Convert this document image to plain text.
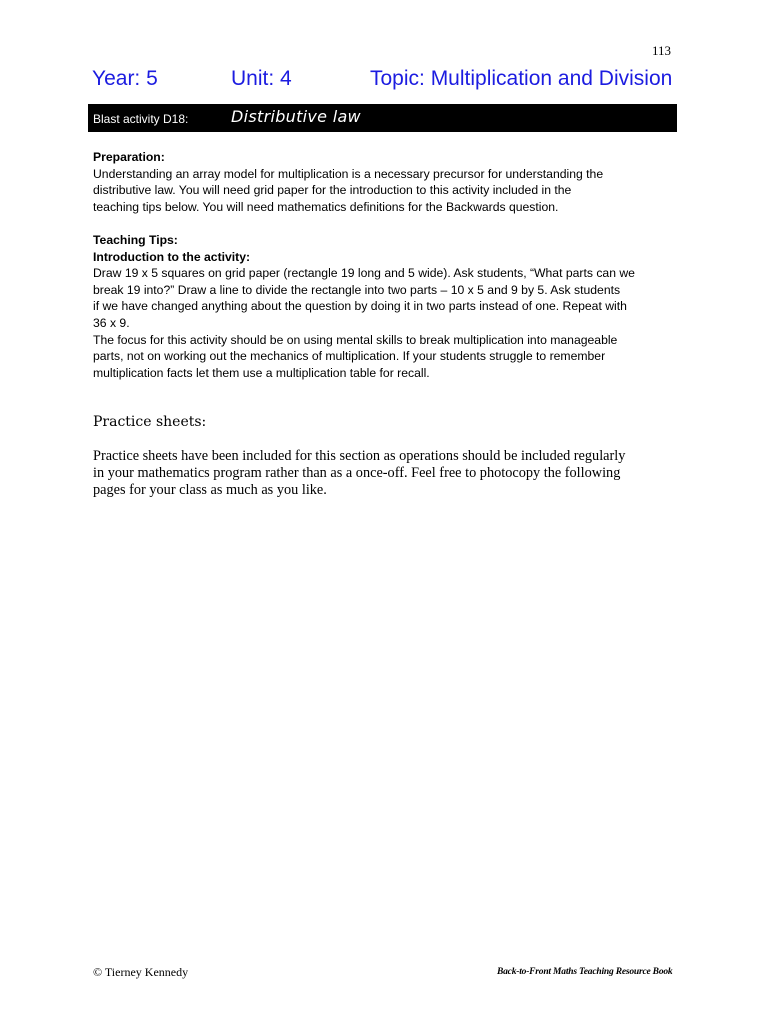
113
Year: 5	Unit: 4	Topic: Multiplication and Division
Blast activity D18:	Distributive law

Preparation:

Understanding an array model for multiplication is a necessary precursor for understanding the

distributive law. You will need grid paper for the introduction to this activity included in the

teaching tips below. You will need mathematics definitions for the Backwards question.

Teaching Tips:

Introduction to the activity:

Draw 19 x 5 squares on grid paper (rectangle 19 long and 5 wide). Ask students, “What parts can we

break 19 into?” Draw a line to divide the rectangle into two parts – 10 x 5 and 9 by 5. Ask students

if we have changed anything about the question by doing it in two parts instead of one. Repeat with

36 x 9.

The focus for this activity should be on using mental skills to break multiplication into manageable

parts, not on working out the mechanics of multiplication. If your students struggle to remember

multiplication facts let them use a multiplication table for recall.

Practice sheets:

Practice sheets have been included for this section as operations should be included regularly

in your mathematics program rather than as a once-off. Feel free to photocopy the following

pages for your class as much as you like.

© Tierney Kennedy	Back-to-Front Maths Teaching Resource Book
